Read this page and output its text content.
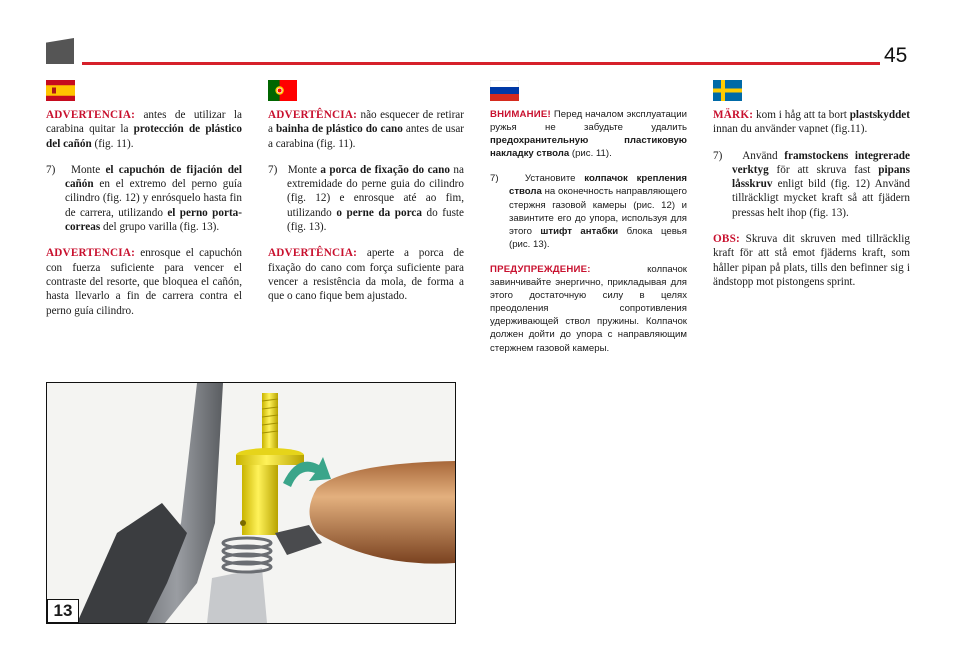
45

ADVERTENCIA: antes de utilizar la carabina quitar la protección de plástico del cañón (fig. 11).

7)   Monte el capuchón de fijación del cañón en el extremo del perno guía cilindro (fig. 12) y enrósquelo hasta fin de carrera, utilizando el perno porta-correas del grupo varilla (fig. 13).

ADVERTENCIA: enrosque el capuchón con fuerza suficiente para vencer el contraste del resorte, que bloquea el cañón, hasta llevarlo a fin de carrera contra el perno guía cilindro.

ADVERTÊNCIA: não esquecer de retirar a bainha de plástico do cano antes de usar a carabina (fig. 11).

7)   Monte a porca de fixação do cano na extremidade do perne guia do cilindro (fig. 12) e enrosque até ao fim, utilizando o perne da porca do fuste (fig. 13).

ADVERTÊNCIA: aperte a porca de fixação do cano com força suficiente para vencer a resistência da mola, de forma a que o cano fique bem ajustado.

ВНИМАНИЕ! Перед началом эксплуатации ружья не забудьте удалить предохранительную пластиковую накладку ствола (рис. 11).

7)   Установите колпачок крепления ствола на оконечность направляющего стержня газовой камеры (рис. 12) и завинтите его до упора, используя для этого штифт антабки блока цевья (рис. 13).

ПРЕДУПРЕЖДЕНИЕ: колпачок завинчивайте энергично, прикладывая для этого достаточную силу в целях преодоления сопротивления удерживающей ствол пружины. Колпачок должен дойти до упора с направляющим стержнем газовой камеры.

MÄRK: kom i håg att ta bort plastskyddet innan du använder vapnet (fig.11).

7)   Använd framstockens integrerade verktyg för att skruva fast pipans låsskruv enligt bild (fig. 12) Använd tillräckligt mycket kraft så att fjädern pressas helt ihop (fig. 13).

OBS: Skruva dit skruven med tillräcklig kraft för att stå emot fjäderns kraft, som håller pipan på plats, tills den befinner sig i ändstopp mot pistongens sprint.

13
